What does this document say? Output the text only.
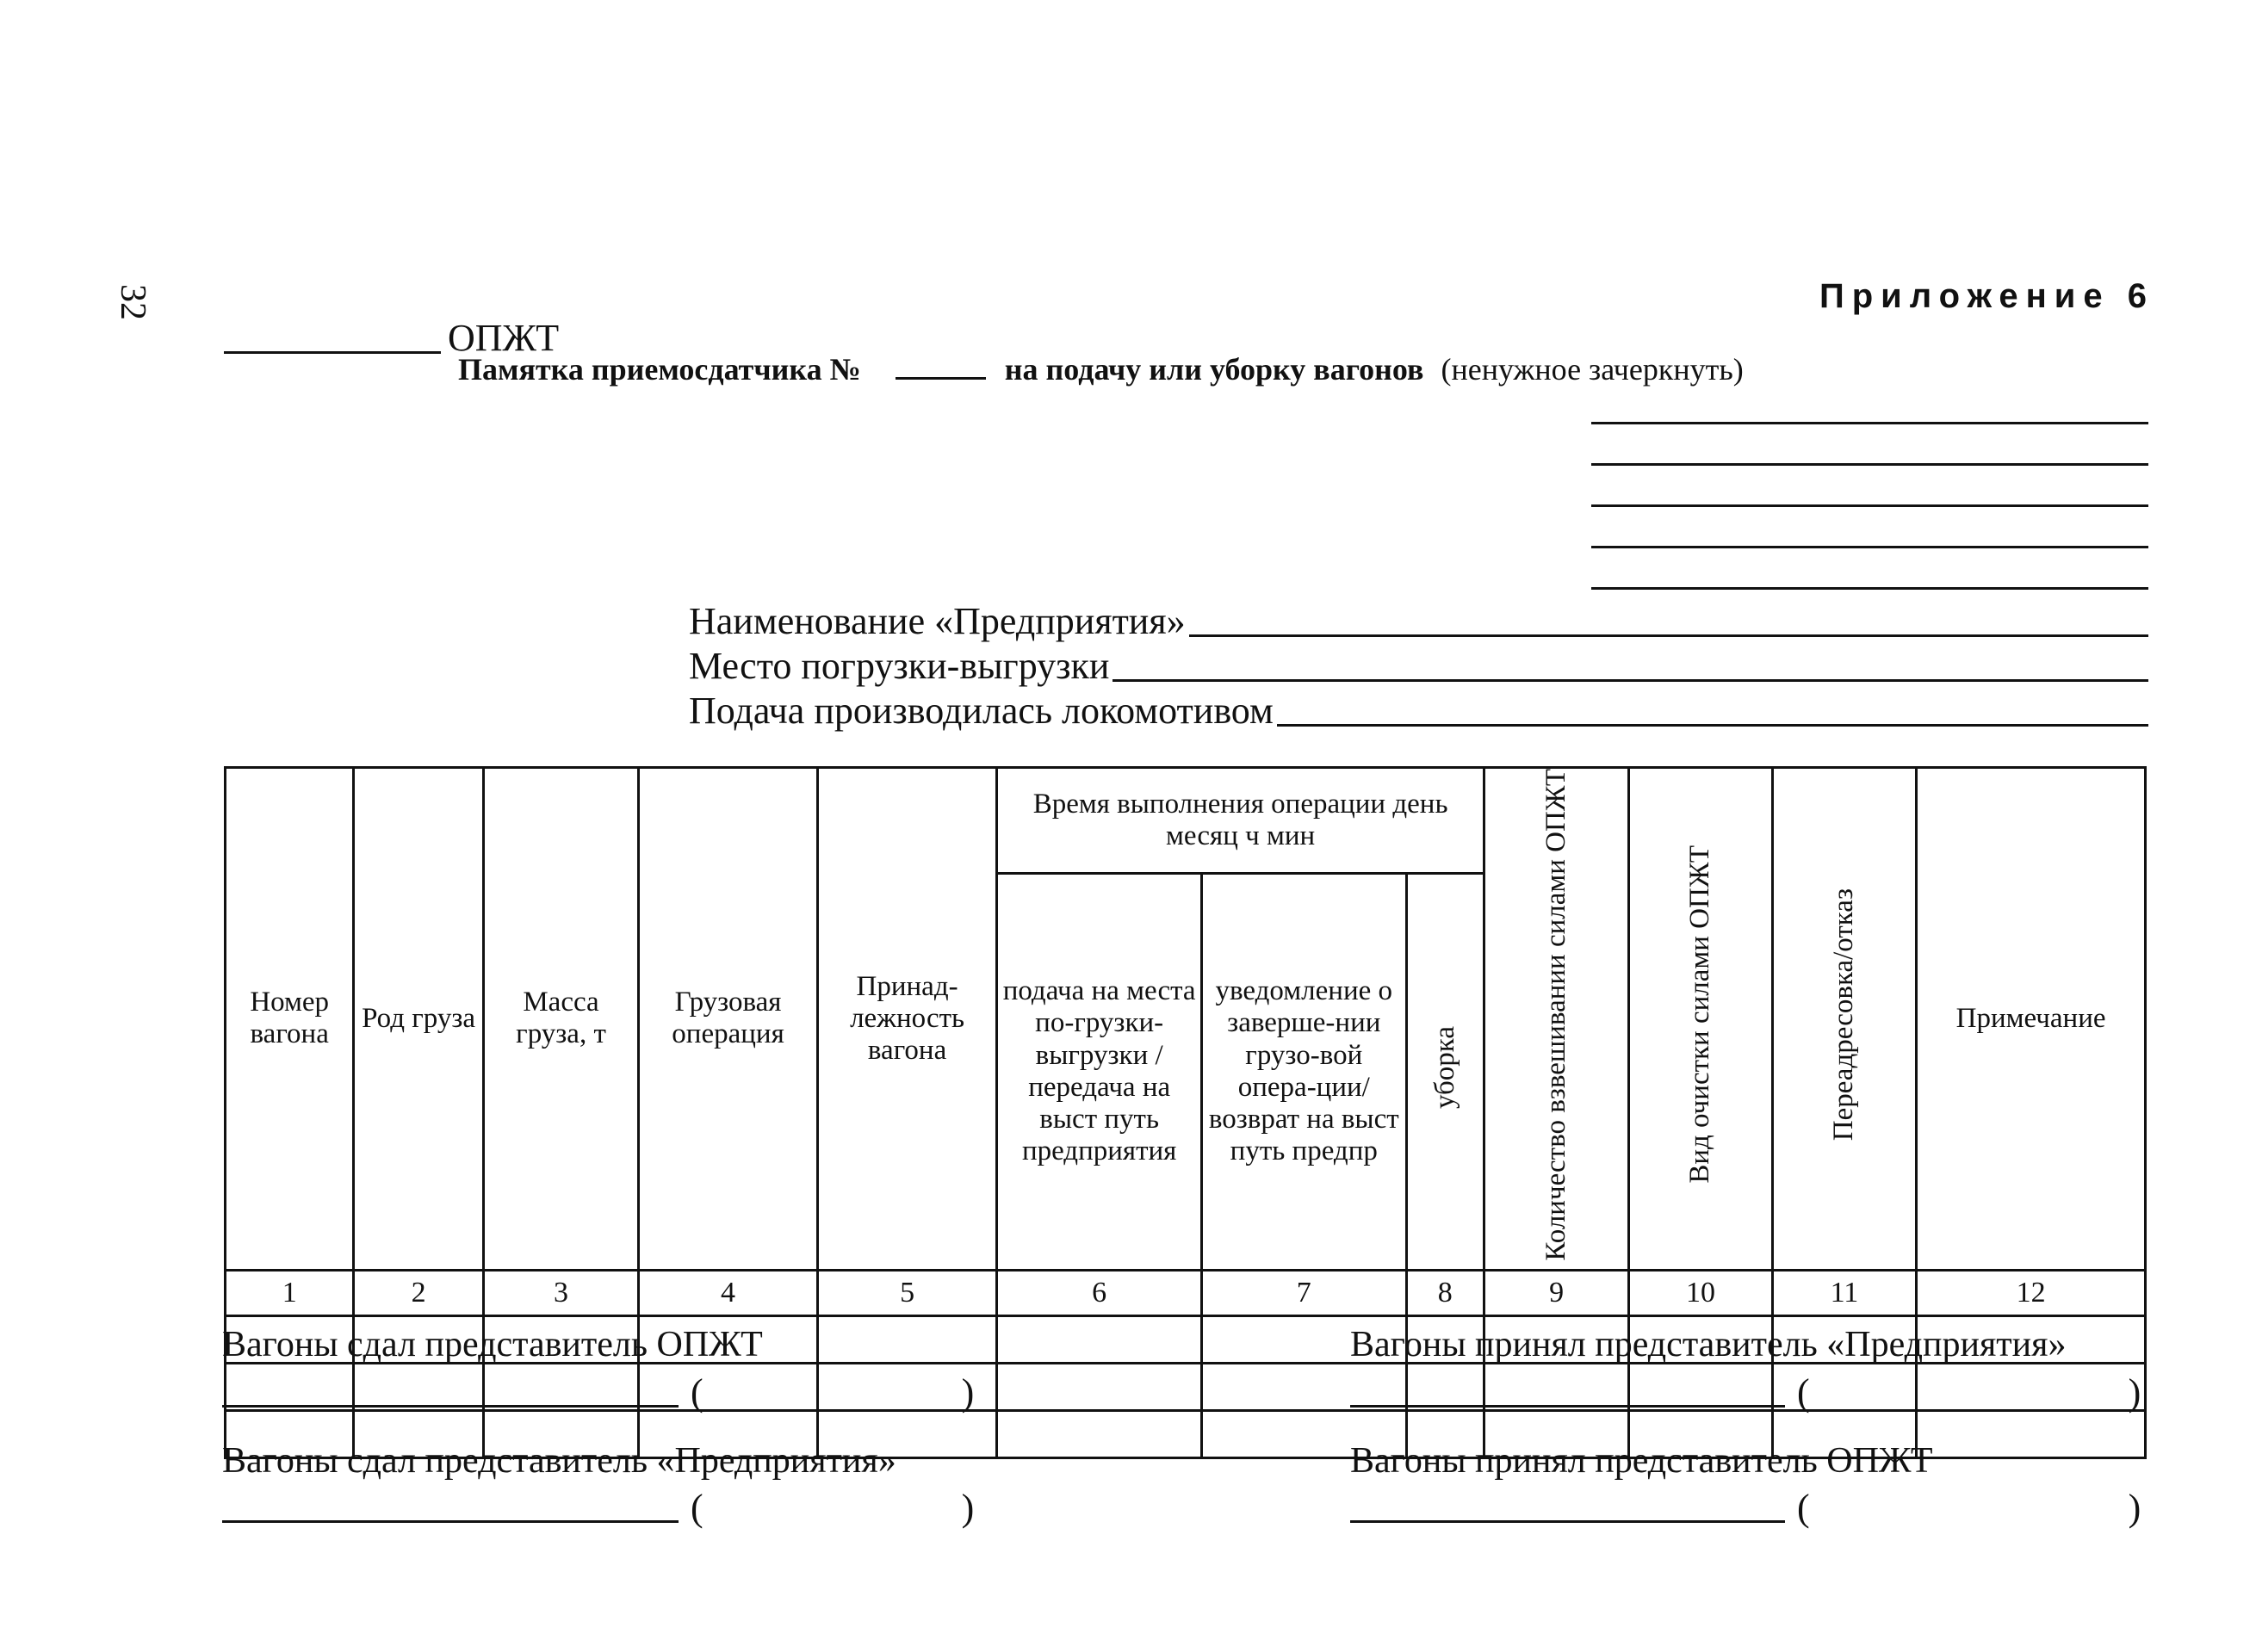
32	Приложение 6
ОПЖТ
Памятка приемосдатчика №	на подачу или уборку вагонов (ненужное зачеркнуть)
Наименование «Предприятия»
Место погрузки-выгрузки
Подача производилась локомотивом
Номер вагона	Род груза	Масса груза, т	Грузовая операция	Принад-лежность вагона	Время выполнения операции день месяц ч мин			Количество взвешивании силами ОПЖТ	Вид очистки силами ОПЖТ	Переадресовка/отказ	Примечание
					подача на места по-грузки-выгрузки /передача на выст путь предприятия	уведомление о заверше-нии грузо-вой опера-ции/ возврат на выст путь предпр	уборка				
1	2	3	4	5	6	7	8	9	10	11	12

Вагоны сдал представитель ОПЖТ
(	)
Вагоны принял представитель «Предприятия»
(	)
Вагоны сдал представитель «Предприятия»
(	)
Вагоны принял представитель ОПЖТ
(	)
